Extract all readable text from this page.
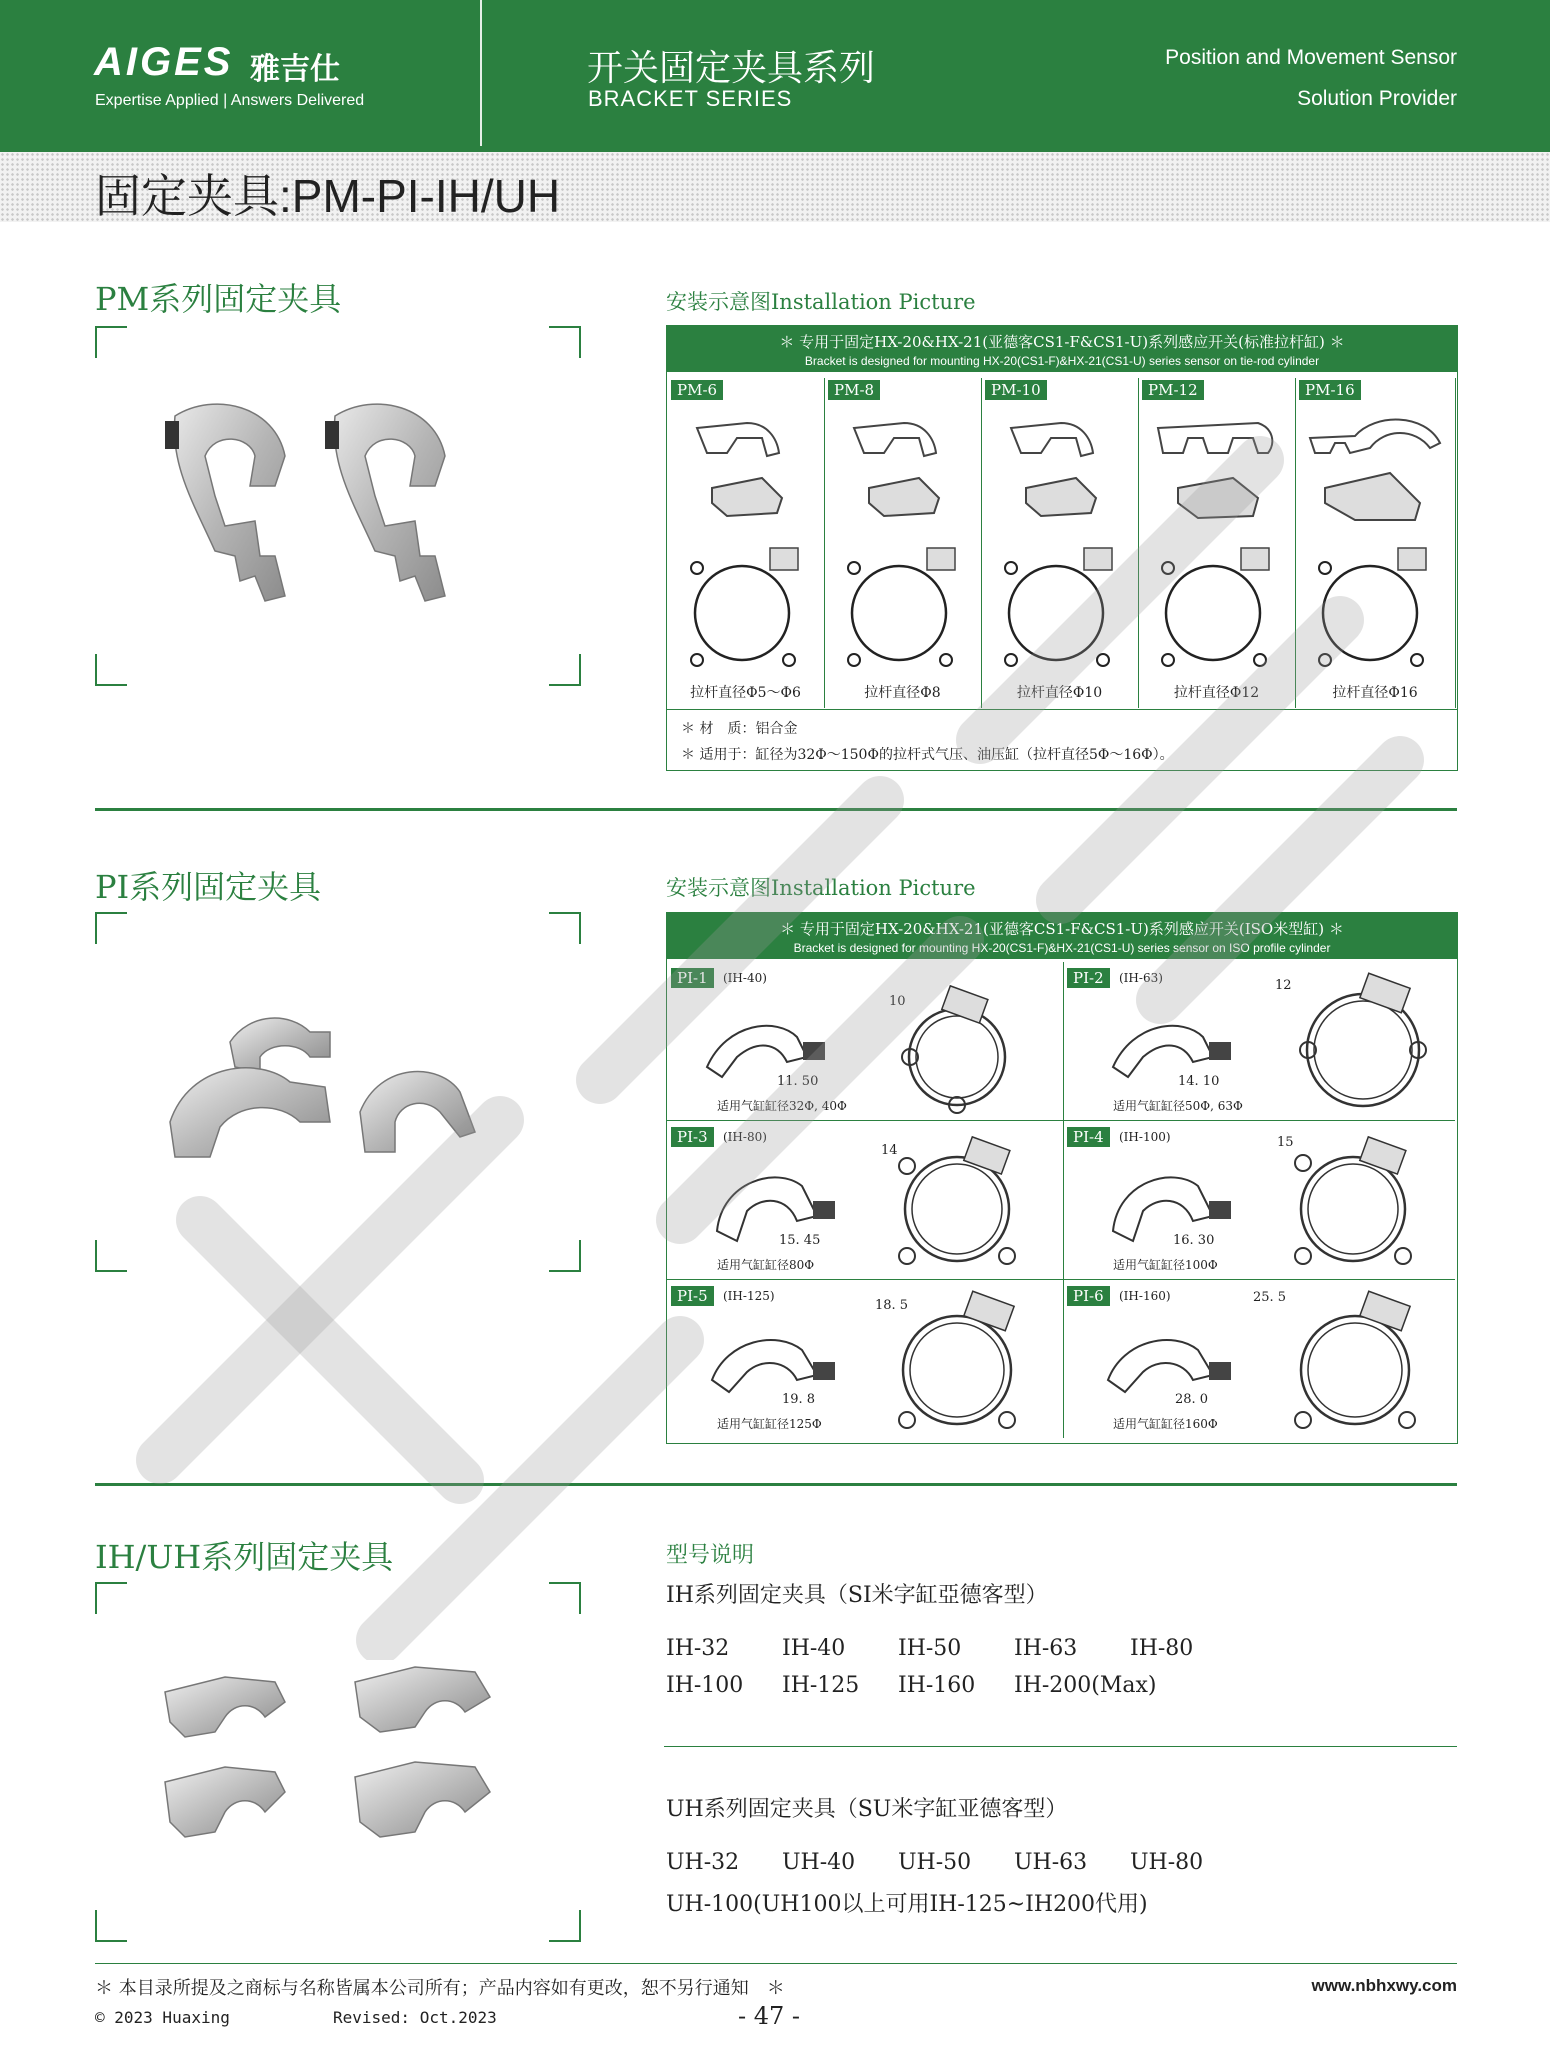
AIGES 雅吉仕
Expertise Applied | Answers Delivered
开关固定夹具系列
BRACKET SERIES
Position and Movement Sensor
Solution Provider
固定夹具:PM-PI-IH/UH
PM系列固定夹具	安装示意图Installation Picture
＊ 专用于固定HX-20&HX-21(亚德客CS1-F&CS1-U)系列感应开关(标准拉杆缸) ＊
Bracket is designed for mounting HX-20(CS1-F)&HX-21(CS1-U) series sensor on tie-rod cylinder
PM-6
拉杆直径Φ5～Φ6
PM-8
拉杆直径Φ8
PM-10
拉杆直径Φ10
PM-12
拉杆直径Φ12
PM-16
拉杆直径Φ16
＊ 材　质：铝合金
＊ 适用于：缸径为32Φ～150Φ的拉杆式气压、油压缸（拉杆直径5Φ～16Φ）。
PI系列固定夹具	安装示意图Installation Picture
＊ 专用于固定HX-20&HX-21(亚德客CS1-F&CS1-U)系列感应开关(ISO米型缸) ＊
Bracket is designed for mounting HX-20(CS1-F)&HX-21(CS1-U) series sensor on ISO profile cylinder
PI-1	(IH-40)
11. 50
10
适用气缸缸径32Φ, 40Φ
PI-2	(IH-63)
14. 10
12
适用气缸缸径50Φ, 63Φ
PI-3	(IH-80)
15. 45
14
适用气缸缸径80Φ
PI-4	(IH-100)
16. 30
15
适用气缸缸径100Φ
PI-5	(IH-125)
19. 8
18. 5
适用气缸缸径125Φ
PI-6	(IH-160)
28. 0
25. 5
适用气缸缸径160Φ
IH/UH系列固定夹具	型号说明
IH系列固定夹具（SI米字缸亞德客型）
IH-32 IH-40 IH-50 IH-63 IH-80
IH-100 IH-125 IH-160 IH-200(Max)
UH系列固定夹具（SU米字缸亚德客型）
UH-32 UH-40 UH-50 UH-63 UH-80
UH-100(UH100以上可用IH-125~IH200代用)
＊ 本目录所提及之商标与名称皆属本公司所有；产品内容如有更改，恕不另行通知　＊	www.nbhxwy.com
© 2023 Huaxing	Revised: Oct.2023	- 47 -
